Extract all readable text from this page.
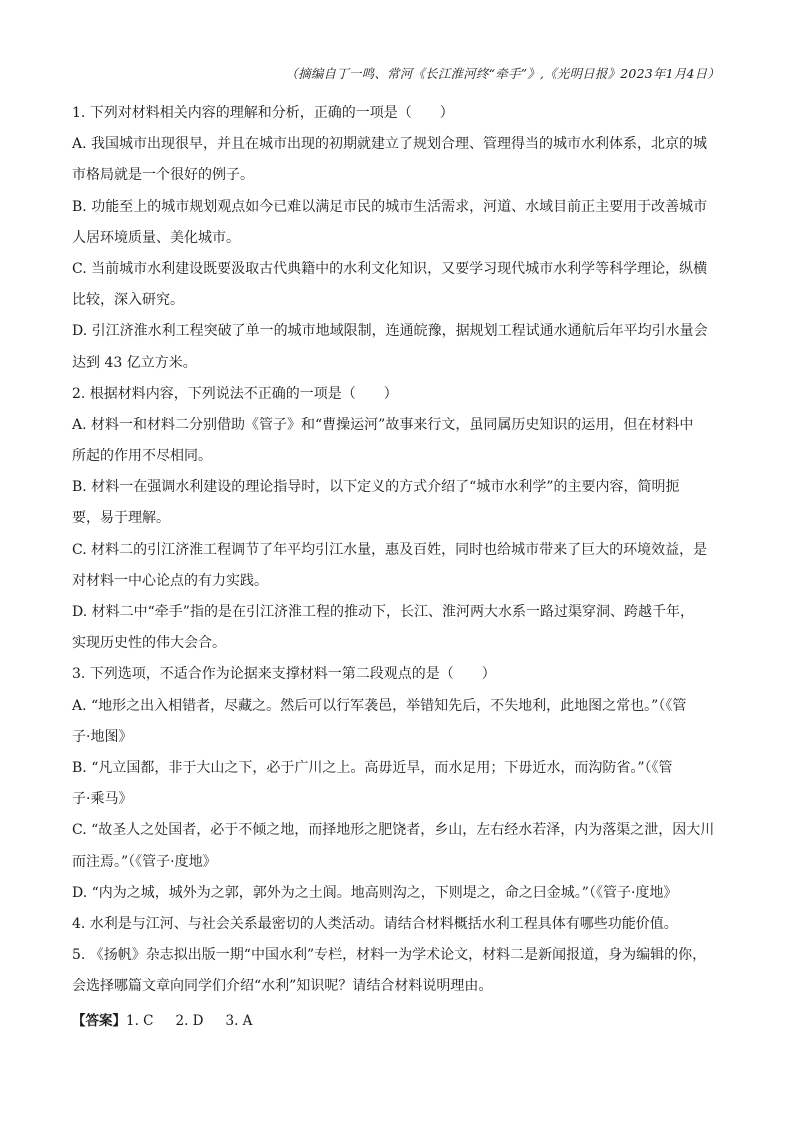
（摘编自丁一鸣、常河《长江淮河终“牵手”》,《光明日报》2023年1月4日）
1. 下列对材料相关内容的理解和分析，正确的一项是（　　）
A. 我国城市出现很早，并且在城市出现的初期就建立了规划合理、管理得当的城市水利体系，北京的城
市格局就是一个很好的例子。
B. 功能至上的城市规划观点如今已难以满足市民的城市生活需求，河道、水域目前正主要用于改善城市
人居环境质量、美化城市。
C. 当前城市水利建设既要汲取古代典籍中的水利文化知识，又要学习现代城市水利学等科学理论，纵横
比较，深入研究。
D. 引江济淮水利工程突破了单一的城市地域限制，连通皖豫，据规划工程试通水通航后年平均引水量会
达到 43 亿立方米。
2. 根据材料内容，下列说法不正确的一项是（　　）
A. 材料一和材料二分别借助《管子》和“曹操运河”故事来行文，虽同属历史知识的运用，但在材料中
所起的作用不尽相同。
B. 材料一在强调水利建设的理论指导时，以下定义的方式介绍了“城市水利学”的主要内容，简明扼
要，易于理解。
C. 材料二的引江济淮工程调节了年平均引江水量，惠及百姓，同时也给城市带来了巨大的环境效益，是
对材料一中心论点的有力实践。
D. 材料二中“牵手”指的是在引江济淮工程的推动下，长江、淮河两大水系一路过渠穿洞、跨越千年，
实现历史性的伟大会合。
3. 下列选项，不适合作为论据来支撑材料一第二段观点的是（　　）
A. “地形之出入相错者，尽藏之。然后可以行军袭邑，举错知先后，不失地利，此地图之常也。”（《管
子·地图》
B. “凡立国都，非于大山之下，必于广川之上。高毋近旱，而水足用；下毋近水，而沟防省。”（《管
子·乘马》
C. “故圣人之处国者，必于不倾之地，而择地形之肥饶者，乡山，左右经水若泽，内为落渠之泄，因大川
而注焉。”（《管子·度地》
D. “内为之城，城外为之郭，郭外为之土阆。地高则沟之，下则堤之，命之曰金城。”（《管子·度地》
4. 水利是与江河、与社会关系最密切的人类活动。请结合材料概括水利工程具体有哪些功能价值。
5. 《扬帆》杂志拟出版一期“中国水利”专栏，材料一为学术论文，材料二是新闻报道，身为编辑的你，
会选择哪篇文章向同学们介绍“水利”知识呢？请结合材料说明理由。
【答案】1. C 2. D 3. A
